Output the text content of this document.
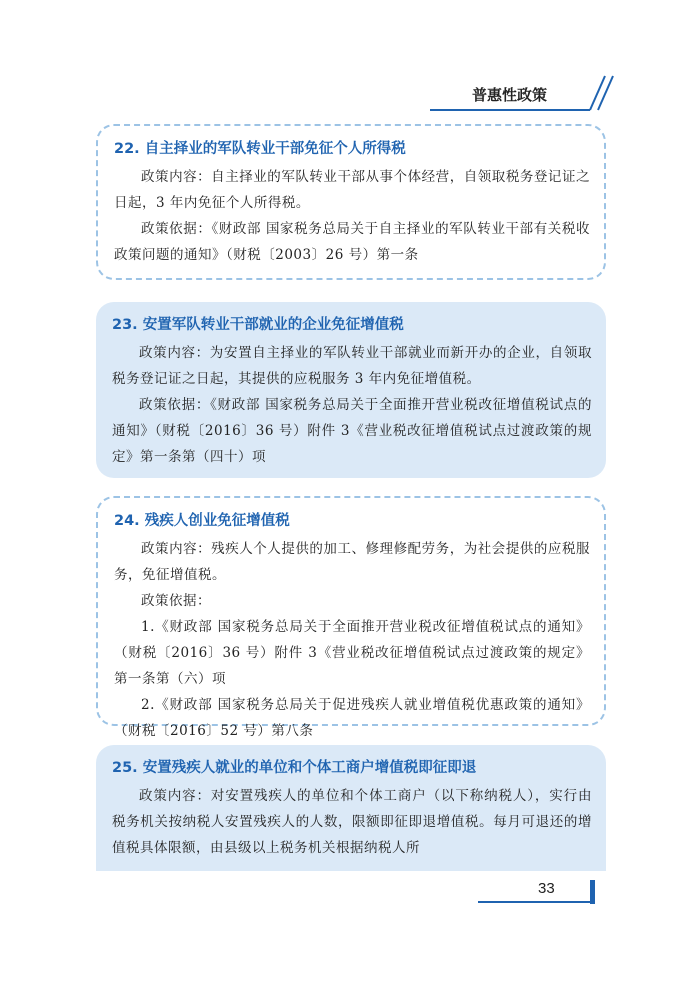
普惠性政策
22. 自主择业的军队转业干部免征个人所得税

政策内容：自主择业的军队转业干部从事个体经营，自领取税务登记证之日起，3 年内免征个人所得税。

政策依据：《财政部 国家税务总局关于自主择业的军队转业干部有关税收政策问题的通知》（财税〔2003〕26 号）第一条

23. 安置军队转业干部就业的企业免征增值税

政策内容：为安置自主择业的军队转业干部就业而新开办的企业，自领取税务登记证之日起，其提供的应税服务 3 年内免征增值税。

政策依据：《财政部 国家税务总局关于全面推开营业税改征增值税试点的通知》（财税〔2016〕36 号）附件 3《营业税改征增值税试点过渡政策的规定》第一条第（四十）项

24. 残疾人创业免征增值税

政策内容：残疾人个人提供的加工、修理修配劳务，为社会提供的应税服务，免征增值税。

政策依据：

1.《财政部 国家税务总局关于全面推开营业税改征增值税试点的通知》（财税〔2016〕36 号）附件 3《营业税改征增值税试点过渡政策的规定》第一条第（六）项

2.《财政部 国家税务总局关于促进残疾人就业增值税优惠政策的通知》（财税〔2016〕52 号）第八条

25. 安置残疾人就业的单位和个体工商户增值税即征即退

政策内容：对安置残疾人的单位和个体工商户（以下称纳税人），实行由税务机关按纳税人安置残疾人的人数，限额即征即退增值税。每月可退还的增值税具体限额，由县级以上税务机关根据纳税人所

33
